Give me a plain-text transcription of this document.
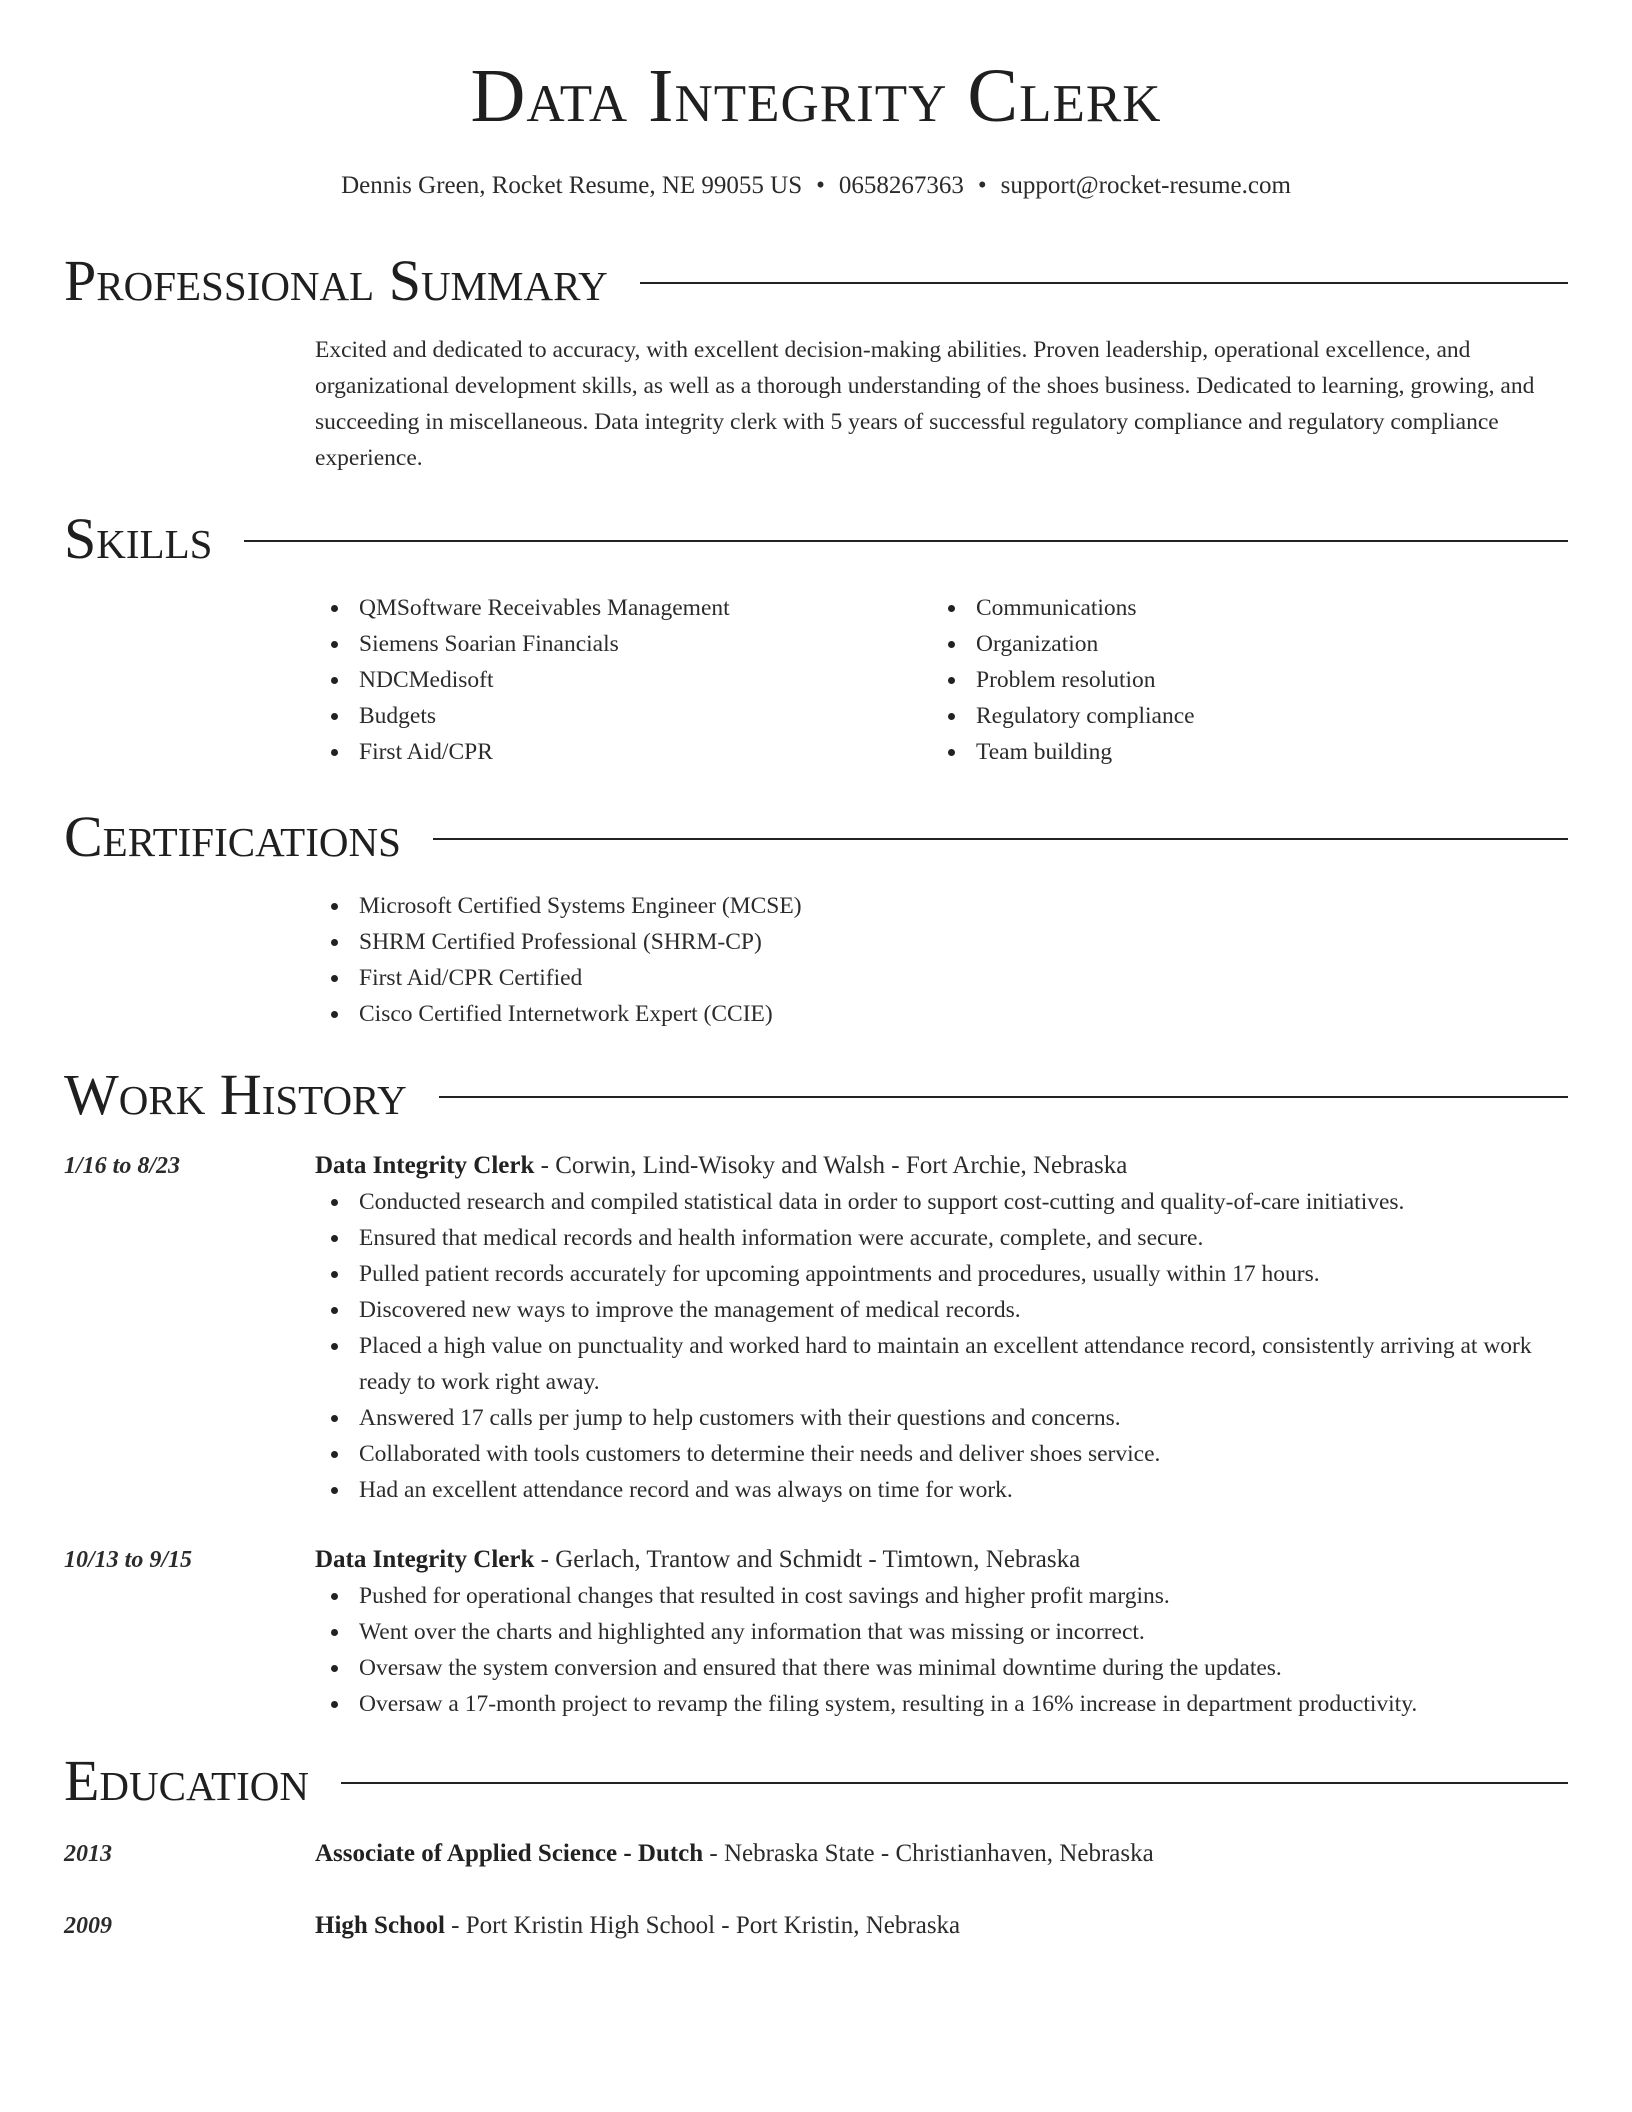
Data Integrity Clerk
Dennis Green, Rocket Resume, NE 99055 US • 0658267363 • support@rocket-resume.com
Professional Summary
Excited and dedicated to accuracy, with excellent decision-making abilities. Proven leadership, operational excellence, and organizational development skills, as well as a thorough understanding of the shoes business. Dedicated to learning, growing, and succeeding in miscellaneous. Data integrity clerk with 5 years of successful regulatory compliance and regulatory compliance experience.
Skills
QMSoftware Receivables Management
Siemens Soarian Financials
NDCMedisoft
Budgets
First Aid/CPR
Communications
Organization
Problem resolution
Regulatory compliance
Team building
Certifications
Microsoft Certified Systems Engineer (MCSE)
SHRM Certified Professional (SHRM-CP)
First Aid/CPR Certified
Cisco Certified Internetwork Expert (CCIE)
Work History
1/16 to 8/23	Data Integrity Clerk - Corwin, Lind-Wisoky and Walsh - Fort Archie, Nebraska
Conducted research and compiled statistical data in order to support cost-cutting and quality-of-care initiatives.
Ensured that medical records and health information were accurate, complete, and secure.
Pulled patient records accurately for upcoming appointments and procedures, usually within 17 hours.
Discovered new ways to improve the management of medical records.
Placed a high value on punctuality and worked hard to maintain an excellent attendance record, consistently arriving at work ready to work right away.
Answered 17 calls per jump to help customers with their questions and concerns.
Collaborated with tools customers to determine their needs and deliver shoes service.
Had an excellent attendance record and was always on time for work.
10/13 to 9/15	Data Integrity Clerk - Gerlach, Trantow and Schmidt - Timtown, Nebraska
Pushed for operational changes that resulted in cost savings and higher profit margins.
Went over the charts and highlighted any information that was missing or incorrect.
Oversaw the system conversion and ensured that there was minimal downtime during the updates.
Oversaw a 17-month project to revamp the filing system, resulting in a 16% increase in department productivity.
Education
2013	Associate of Applied Science - Dutch - Nebraska State - Christianhaven, Nebraska
2009	High School - Port Kristin High School - Port Kristin, Nebraska
